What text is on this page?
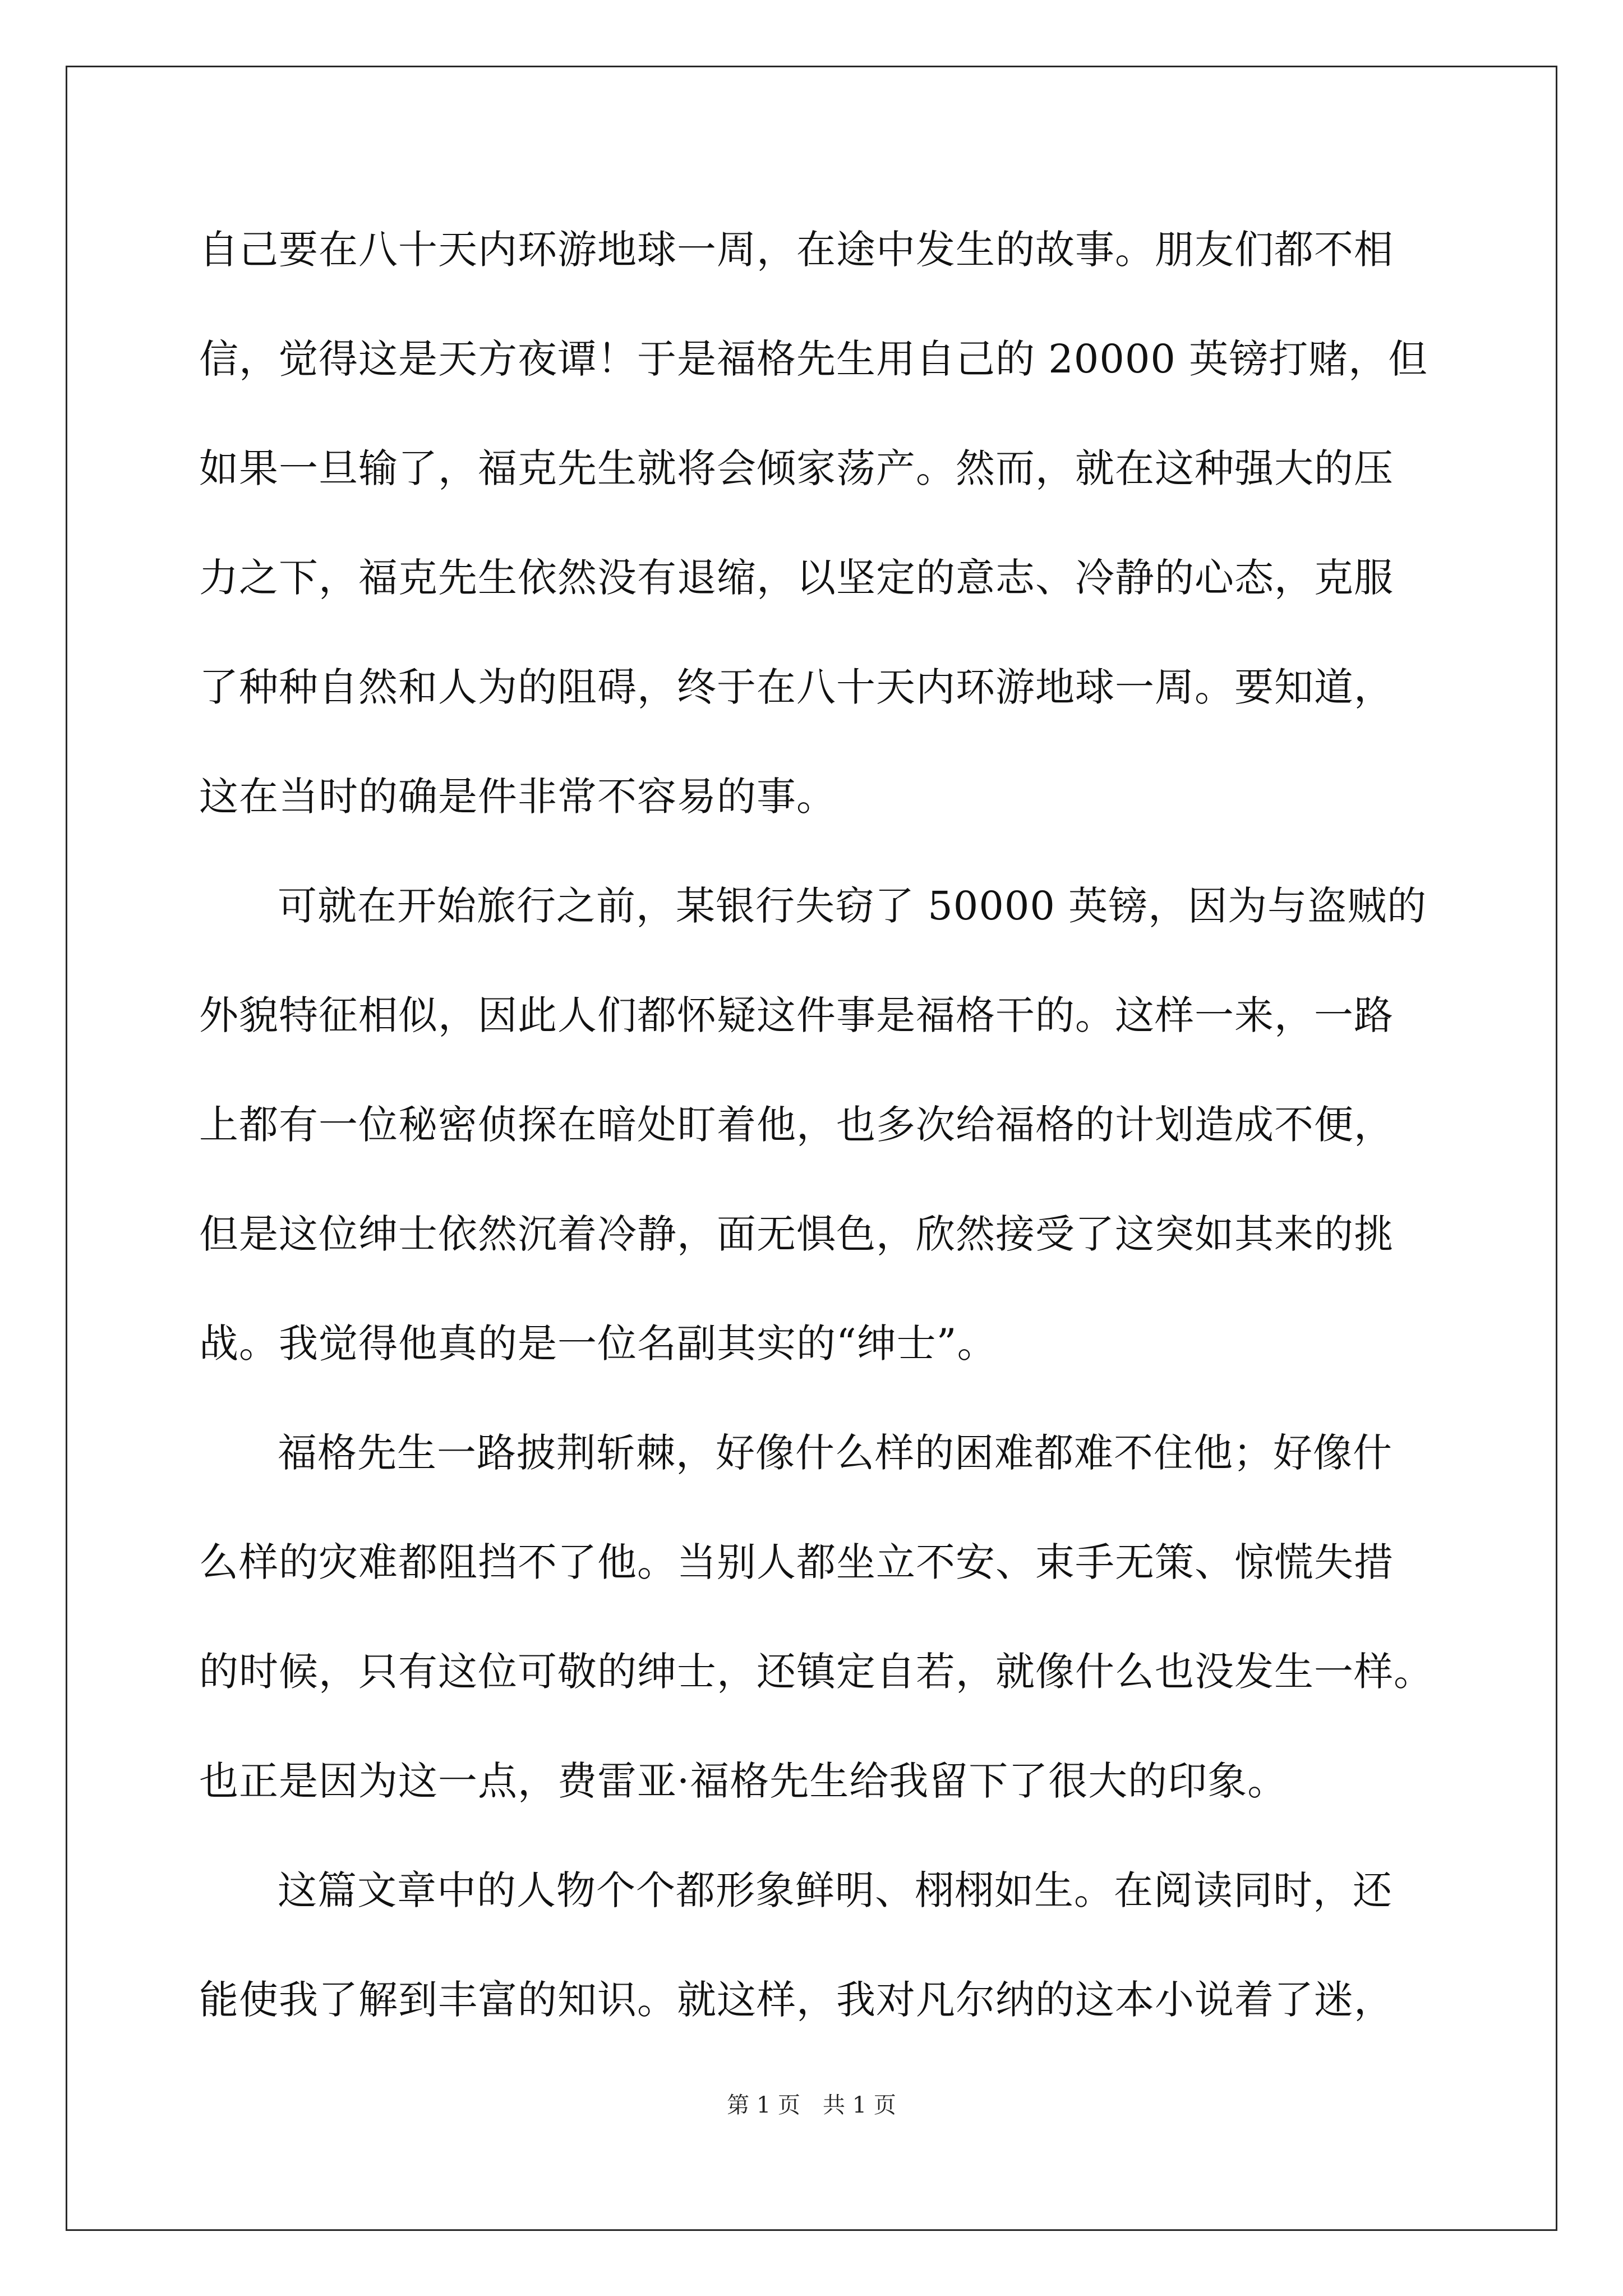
自己要在八十天内环游地球一周，在途中发生的故事。朋友们都不相
信，觉得这是天方夜谭！于是福格先生用自己的 20000 英镑打赌，但
如果一旦输了，福克先生就将会倾家荡产。然而，就在这种强大的压
力之下，福克先生依然没有退缩，以坚定的意志、冷静的心态，克服
了种种自然和人为的阻碍，终于在八十天内环游地球一周。要知道，
这在当时的确是件非常不容易的事。
可就在开始旅行之前，某银行失窃了 50000 英镑，因为与盗贼的
外貌特征相似，因此人们都怀疑这件事是福格干的。这样一来，一路
上都有一位秘密侦探在暗处盯着他，也多次给福格的计划造成不便，
但是这位绅士依然沉着冷静，面无惧色，欣然接受了这突如其来的挑
战。我觉得他真的是一位名副其实的“绅士”。
福格先生一路披荆斩棘，好像什么样的困难都难不住他；好像什
么样的灾难都阻挡不了他。当别人都坐立不安、束手无策、惊慌失措
的时候，只有这位可敬的绅士，还镇定自若，就像什么也没发生一样。
也正是因为这一点，费雷亚·福格先生给我留下了很大的印象。
这篇文章中的人物个个都形象鲜明、栩栩如生。在阅读同时，还
能使我了解到丰富的知识。就这样，我对凡尔纳的这本小说着了迷，
第 1 页 共 1 页
